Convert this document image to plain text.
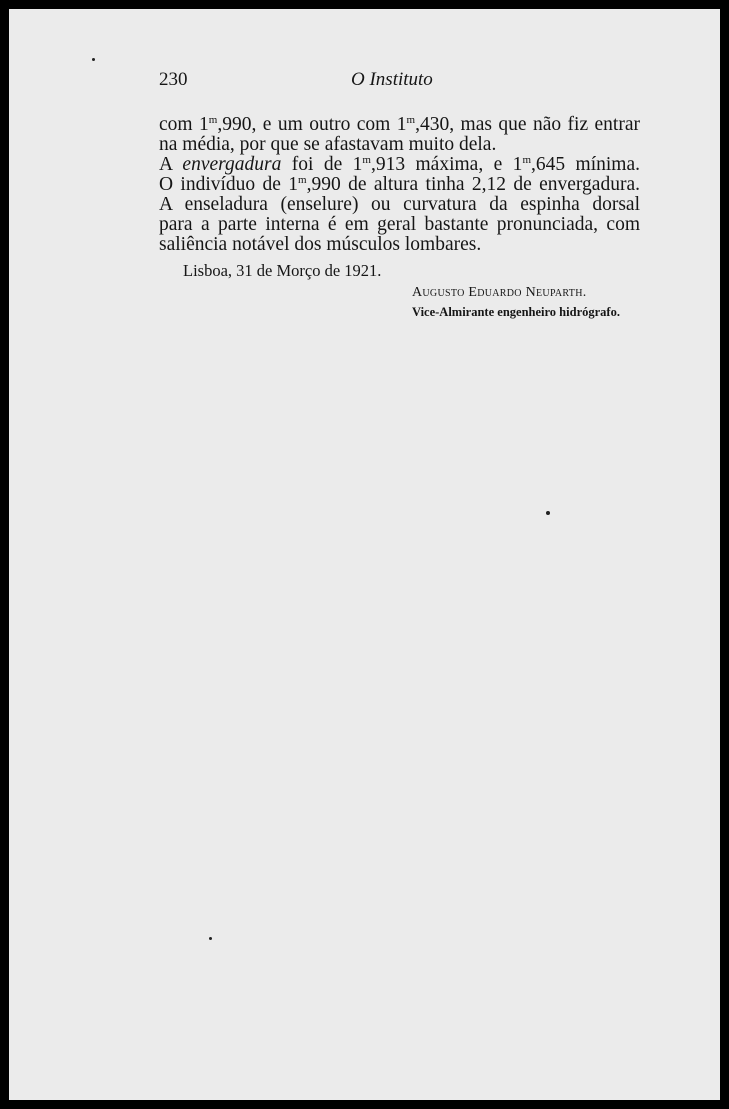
230	O Instituto
com 1$^m$,990, e um outro com 1$^m$,430, mas que não fiz entrar
na média, por que se afastavam muito dela.
A envergadura foi de 1$^m$,913 máxima, e 1$^m$,645 mínima.
O indivíduo de 1$^m$,990 de altura tinha 2,12 de envergadura.
A enseladura (enselure) ou curvatura da espinha dorsal
para a parte interna é em geral bastante pronunciada, com
saliência notável dos músculos lombares.
Lisboa, 31 de Morço de 1921.
Augusto Eduardo Neuparth.
Vice-Almirante engenheiro hidrógrafo.
